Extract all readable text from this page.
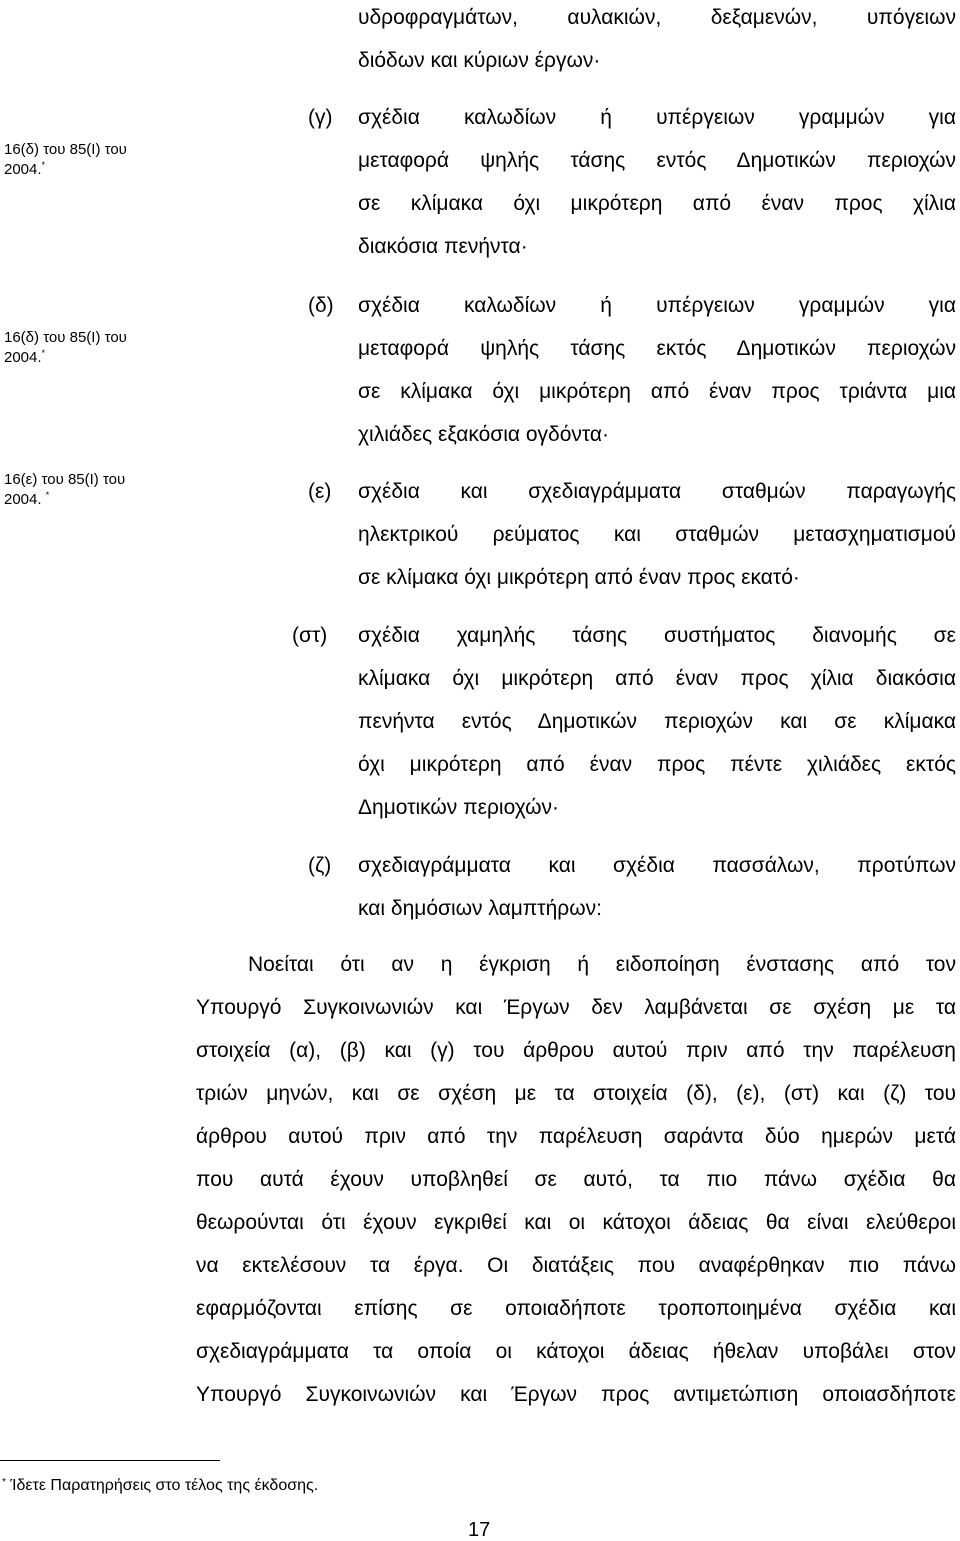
16(δ) του 85(Ι) του
2004.*
16(δ) του 85(Ι) του
2004.*
16(ε) του 85(Ι) του
2004. *
υδροφραγμάτων, αυλακιών, δεξαμενών, υπόγειων
διόδων και κύριων έργων·
(γ) σχέδια καλωδίων ή υπέργειων γραμμών για
μεταφορά ψηλής τάσης εντός Δημοτικών περιοχών
σε κλίμακα όχι μικρότερη από έναν προς χίλια
διακόσια πενήντα·
(δ) σχέδια καλωδίων ή υπέργειων γραμμών για
μεταφορά ψηλής τάσης εκτός Δημοτικών περιοχών
σε κλίμακα όχι μικρότερη από έναν προς τριάντα μια
χιλιάδες εξακόσια ογδόντα·
(ε) σχέδια και σχεδιαγράμματα σταθμών παραγωγής
ηλεκτρικού ρεύματος και σταθμών μετασχηματισμού
σε κλίμακα όχι μικρότερη από έναν προς εκατό·
(στ) σχέδια χαμηλής τάσης συστήματος διανομής σε
κλίμακα όχι μικρότερη από έναν προς χίλια διακόσια
πενήντα εντός Δημοτικών περιοχών και σε κλίμακα
όχι μικρότερη από έναν προς πέντε χιλιάδες εκτός
Δημοτικών περιοχών·
(ζ) σχεδιαγράμματα και σχέδια πασσάλων, προτύπων
και δημόσιων λαμπτήρων:
Νοείται ότι αν η έγκριση ή ειδοποίηση ένστασης από τον
Υπουργό Συγκοινωνιών και Έργων δεν λαμβάνεται σε σχέση με τα
στοιχεία (α), (β) και (γ) του άρθρου αυτού πριν από την παρέλευση
τριών μηνών, και σε σχέση με τα στοιχεία (δ), (ε), (στ) και (ζ) του
άρθρου αυτού πριν από την παρέλευση σαράντα δύο ημερών μετά
που αυτά έχουν υποβληθεί σε αυτό, τα πιο πάνω σχέδια θα
θεωρούνται ότι έχουν εγκριθεί και οι κάτοχοι άδειας θα είναι ελεύθεροι
να εκτελέσουν τα έργα. Οι διατάξεις που αναφέρθηκαν πιο πάνω
εφαρμόζονται επίσης σε οποιαδήποτε τροποποιημένα σχέδια και
σχεδιαγράμματα τα οποία οι κάτοχοι άδειας ήθελαν υποβάλει στον
Υπουργό Συγκοινωνιών και Έργων προς αντιμετώπιση οποιασδήποτε
* Ίδετε Παρατηρήσεις στο τέλος της έκδοσης.
17
